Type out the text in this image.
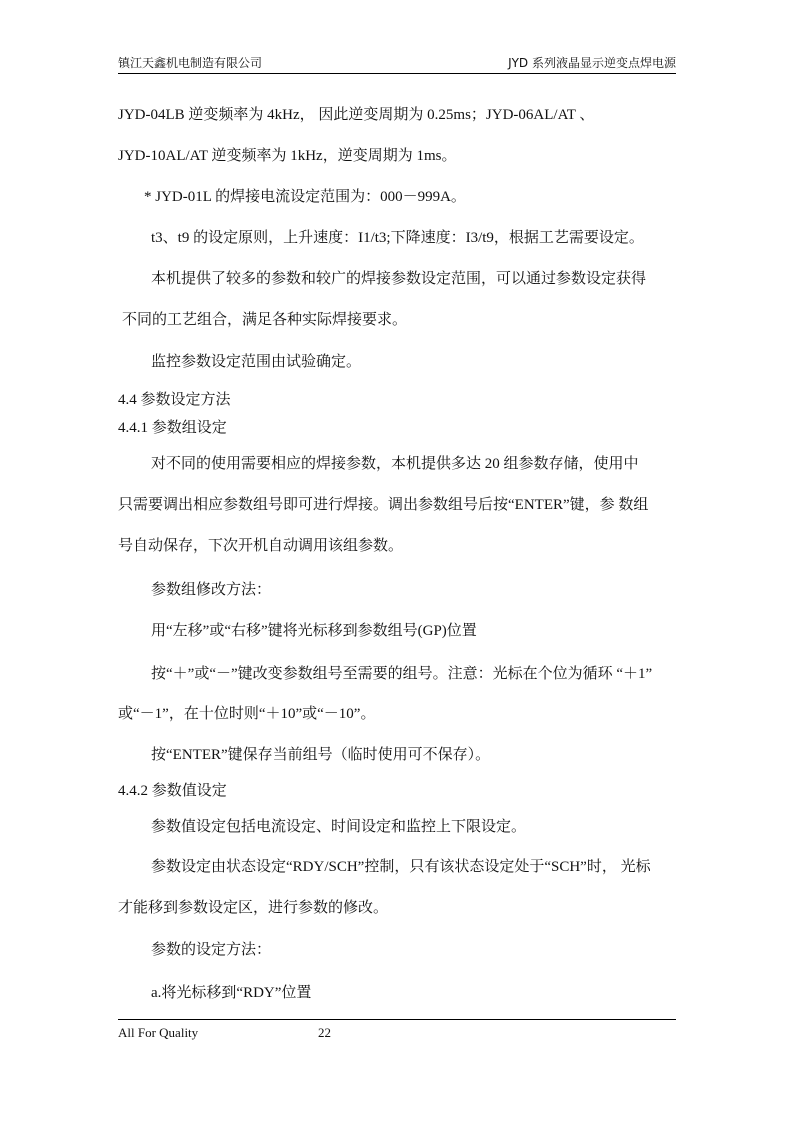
镇江天鑫机电制造有限公司	JYD 系列液晶显示逆变点焊电源
JYD-04LB 逆变频率为 4kHz， 因此逆变周期为 0.25ms；JYD-06AL/AT 、
JYD-10AL/AT 逆变频率为 1kHz，逆变周期为 1ms。
* JYD-01L 的焊接电流设定范围为：000－999A。
t3、t9 的设定原则，上升速度：I1/t3;下降速度：I3/t9，根据工艺需要设定。
本机提供了较多的参数和较广的焊接参数设定范围，可以通过参数设定获得
不同的工艺组合，满足各种实际焊接要求。
监控参数设定范围由试验确定。
4.4 参数设定方法
4.4.1 参数组设定
对不同的使用需要相应的焊接参数，本机提供多达 20 组参数存储，使用中
只需要调出相应参数组号即可进行焊接。调出参数组号后按“ENTER”键，参 数组
号自动保存，下次开机自动调用该组参数。
参数组修改方法：
用“左移”或“右移”键将光标移到参数组号(GP)位置
按“＋”或“－”键改变参数组号至需要的组号。注意：光标在个位为循环 “＋1”
或“－1”，在十位时则“＋10”或“－10”。
按“ENTER”键保存当前组号（临时使用可不保存）。
4.4.2 参数值设定
参数值设定包括电流设定、时间设定和监控上下限设定。
参数设定由状态设定“RDY/SCH”控制，只有该状态设定处于“SCH”时， 光标
才能移到参数设定区，进行参数的修改。
参数的设定方法：
a.将光标移到“RDY”位置
All For Quality	22
